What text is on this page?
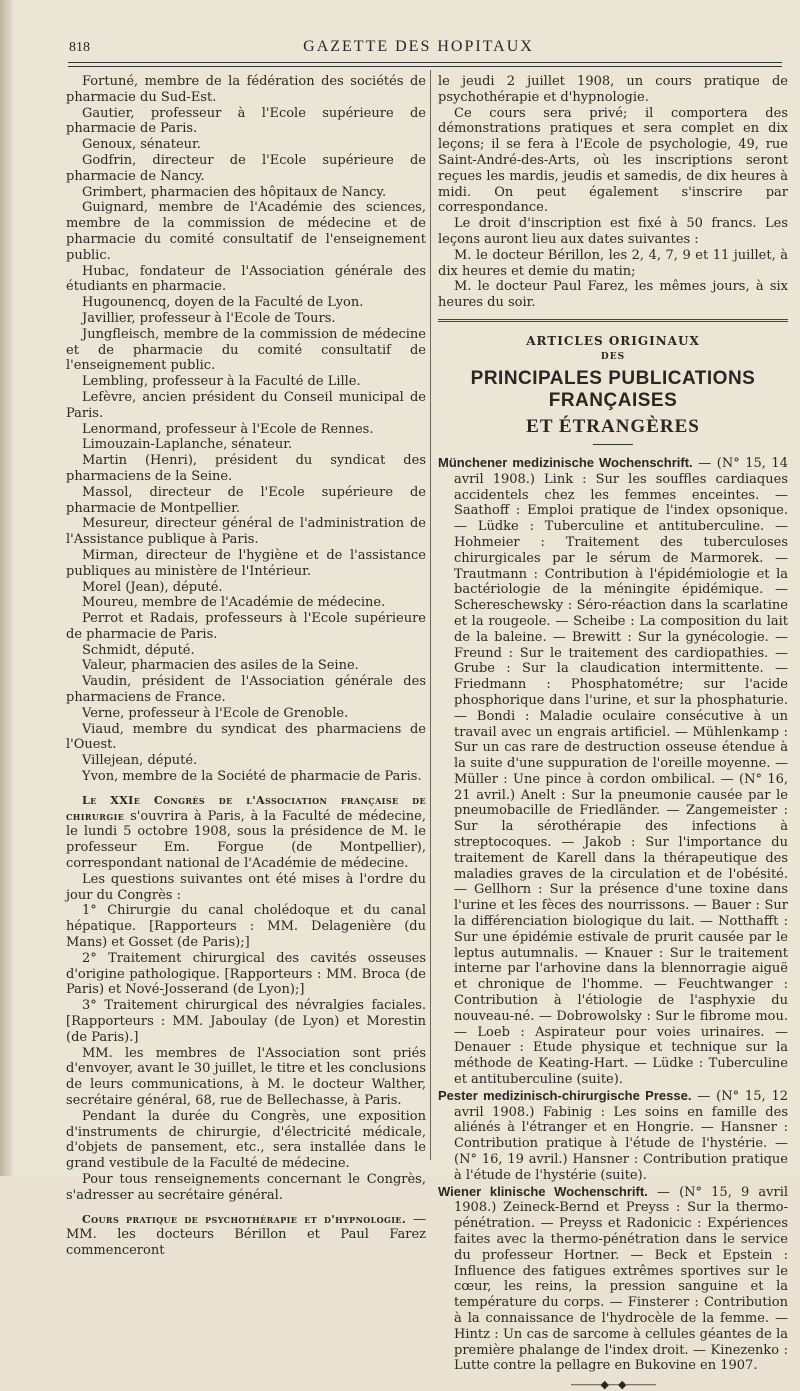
818	GAZETTE DES HOPITAUX

Fortuné, membre de la fédération des sociétés de pharmacie du Sud-Est.

Gautier, professeur à l'Ecole supérieure de pharmacie de Paris.

Genoux, sénateur.

Godfrin, directeur de l'Ecole supérieure de pharmacie de Nancy.

Grimbert, pharmacien des hôpitaux de Nancy.

Guignard, membre de l'Académie des sciences, membre de la commission de médecine et de pharmacie du comité consultatif de l'enseignement public.

Hubac, fondateur de l'Association générale des étudiants en pharmacie.

Hugounencq, doyen de la Faculté de Lyon.

Javillier, professeur à l'Ecole de Tours.

Jungfleisch, membre de la commission de médecine et de pharmacie du comité consultatif de l'enseignement public.

Lembling, professeur à la Faculté de Lille.

Lefèvre, ancien président du Conseil municipal de Paris.

Lenormand, professeur à l'Ecole de Rennes.

Limouzain-Laplanche, sénateur.

Martin (Henri), président du syndicat des pharmaciens de la Seine.

Massol, directeur de l'Ecole supérieure de pharmacie de Montpellier.

Mesureur, directeur général de l'administration de l'Assistance publique à Paris.

Mirman, directeur de l'hygiène et de l'assistance publiques au ministère de l'Intérieur.

Morel (Jean), député.

Moureu, membre de l'Académie de médecine.

Perrot et Radais, professeurs à l'Ecole supérieure de pharmacie de Paris.

Schmidt, député.

Valeur, pharmacien des asiles de la Seine.

Vaudin, président de l'Association générale des pharmaciens de France.

Verne, professeur à l'Ecole de Grenoble.

Viaud, membre du syndicat des pharmaciens de l'Ouest.

Villejean, député.

Yvon, membre de la Société de pharmacie de Paris.

Le XXIe Congrès de l'Association française de chirurgie s'ouvrira à Paris, à la Faculté de médecine, le lundi 5 octobre 1908, sous la présidence de M. le professeur Em. Forgue (de Montpellier), correspondant national de l'Académie de médecine.

Les questions suivantes ont été mises à l'ordre du jour du Congrès :

1° Chirurgie du canal cholédoque et du canal hépatique. [Rapporteurs : MM. Delagenière (du Mans) et Gosset (de Paris);]

2° Traitement chirurgical des cavités osseuses d'origine pathologique. [Rapporteurs : MM. Broca (de Paris) et Nové-Josserand (de Lyon);]

3° Traitement chirurgical des névralgies faciales. [Rapporteurs : MM. Jaboulay (de Lyon) et Morestin (de Paris).]

MM. les membres de l'Association sont priés d'envoyer, avant le 30 juillet, le titre et les conclusions de leurs communications, à M. le docteur Walther, secrétaire général, 68, rue de Bellechasse, à Paris.

Pendant la durée du Congrès, une exposition d'instruments de chirurgie, d'électricité médicale, d'objets de pansement, etc., sera installée dans le grand vestibule de la Faculté de médecine.

Pour tous renseignements concernant le Congrès, s'adresser au secrétaire général.

Cours pratique de psychothérapie et d'hypnologie. — MM. les docteurs Bérillon et Paul Farez commenceront

le jeudi 2 juillet 1908, un cours pratique de psychothérapie et d'hypnologie.

Ce cours sera privé; il comportera des démonstrations pratiques et sera complet en dix leçons; il se fera à l'Ecole de psychologie, 49, rue Saint-André-des-Arts, où les inscriptions seront reçues les mardis, jeudis et samedis, de dix heures à midi. On peut également s'inscrire par correspondance.

Le droit d'inscription est fixé à 50 francs. Les leçons auront lieu aux dates suivantes :

M. le docteur Bérillon, les 2, 4, 7, 9 et 11 juillet, à dix heures et demie du matin;

M. le docteur Paul Farez, les mêmes jours, à six heures du soir.

ARTICLES ORIGINAUX
DES
PRINCIPALES PUBLICATIONS FRANÇAISES
ET ÉTRANGÈRES

Münchener medizinische Wochenschrift. — (N° 15, 14 avril 1908.) Link : Sur les souffles cardiaques accidentels chez les femmes enceintes. — Saathoff : Emploi pratique de l'index opsonique. — Lüdke : Tuberculine et antituberculine. — Hohmeier : Traitement des tuberculoses chirurgicales par le sérum de Marmorek. — Trautmann : Contribution à l'épidémiologie et la bactériologie de la méningite épidémique. — Schereschewsky : Séro-réaction dans la scarlatine et la rougeole. — Scheibe : La composition du lait de la baleine. — Brewitt : Sur la gynécologie. — Freund : Sur le traitement des cardiopathies. — Grube : Sur la claudication intermittente. — Friedmann : Phosphatométre; sur l'acide phosphorique dans l'urine, et sur la phosphaturie. — Bondi : Maladie oculaire consécutive à un travail avec un engrais artificiel. — Mühlenkamp : Sur un cas rare de destruction osseuse étendue à la suite d'une suppuration de l'oreille moyenne. — Müller : Une pince à cordon ombilical. — (N° 16, 21 avril.) Anelt : Sur la pneumonie causée par le pneumobacille de Friedländer. — Zangemeister : Sur la sérothérapie des infections à streptocoques. — Jakob : Sur l'importance du traitement de Karell dans la thérapeutique des maladies graves de la circulation et de l'obésité. — Gellhorn : Sur la présence d'une toxine dans l'urine et les fèces des nourrissons. — Bauer : Sur la différenciation biologique du lait. — Notthafft : Sur une épidémie estivale de prurit causée par le leptus autumnalis. — Knauer : Sur le traitement interne par l'arhovine dans la blennorragie aiguë et chronique de l'homme. — Feuchtwanger : Contribution à l'étiologie de l'asphyxie du nouveau-né. — Dobrowolsky : Sur le fibrome mou. — Loeb : Aspirateur pour voies urinaires. — Denauer : Etude physique et technique sur la méthode de Keating-Hart. — Lüdke : Tuberculine et antituberculine (suite).

Pester medizinisch-chirurgische Presse. — (N° 15, 12 avril 1908.) Fabinig : Les soins en famille des aliénés à l'étranger et en Hongrie. — Hansner : Contribution pratique à l'étude de l'hystérie. — (N° 16, 19 avril.) Hansner : Contribution pratique à l'étude de l'hystérie (suite).

Wiener klinische Wochenschrift. — (N° 15, 9 avril 1908.) Zeineck-Bernd et Preyss : Sur la thermo-pénétration. — Preyss et Radonicic : Expériences faites avec la thermo-pénétration dans le service du professeur Hortner. — Beck et Epstein : Influence des fatigues extrêmes sportives sur le cœur, les reins, la pression sanguine et la température du corps. — Finsterer : Contribution à la connaissance de l'hydrocèle de la femme. — Hintz : Un cas de sarcome à cellules géantes de la première phalange de l'index droit. — Kinezenko : Lutte contre la pellagre en Bukovine en 1907.

———◆—◆———
